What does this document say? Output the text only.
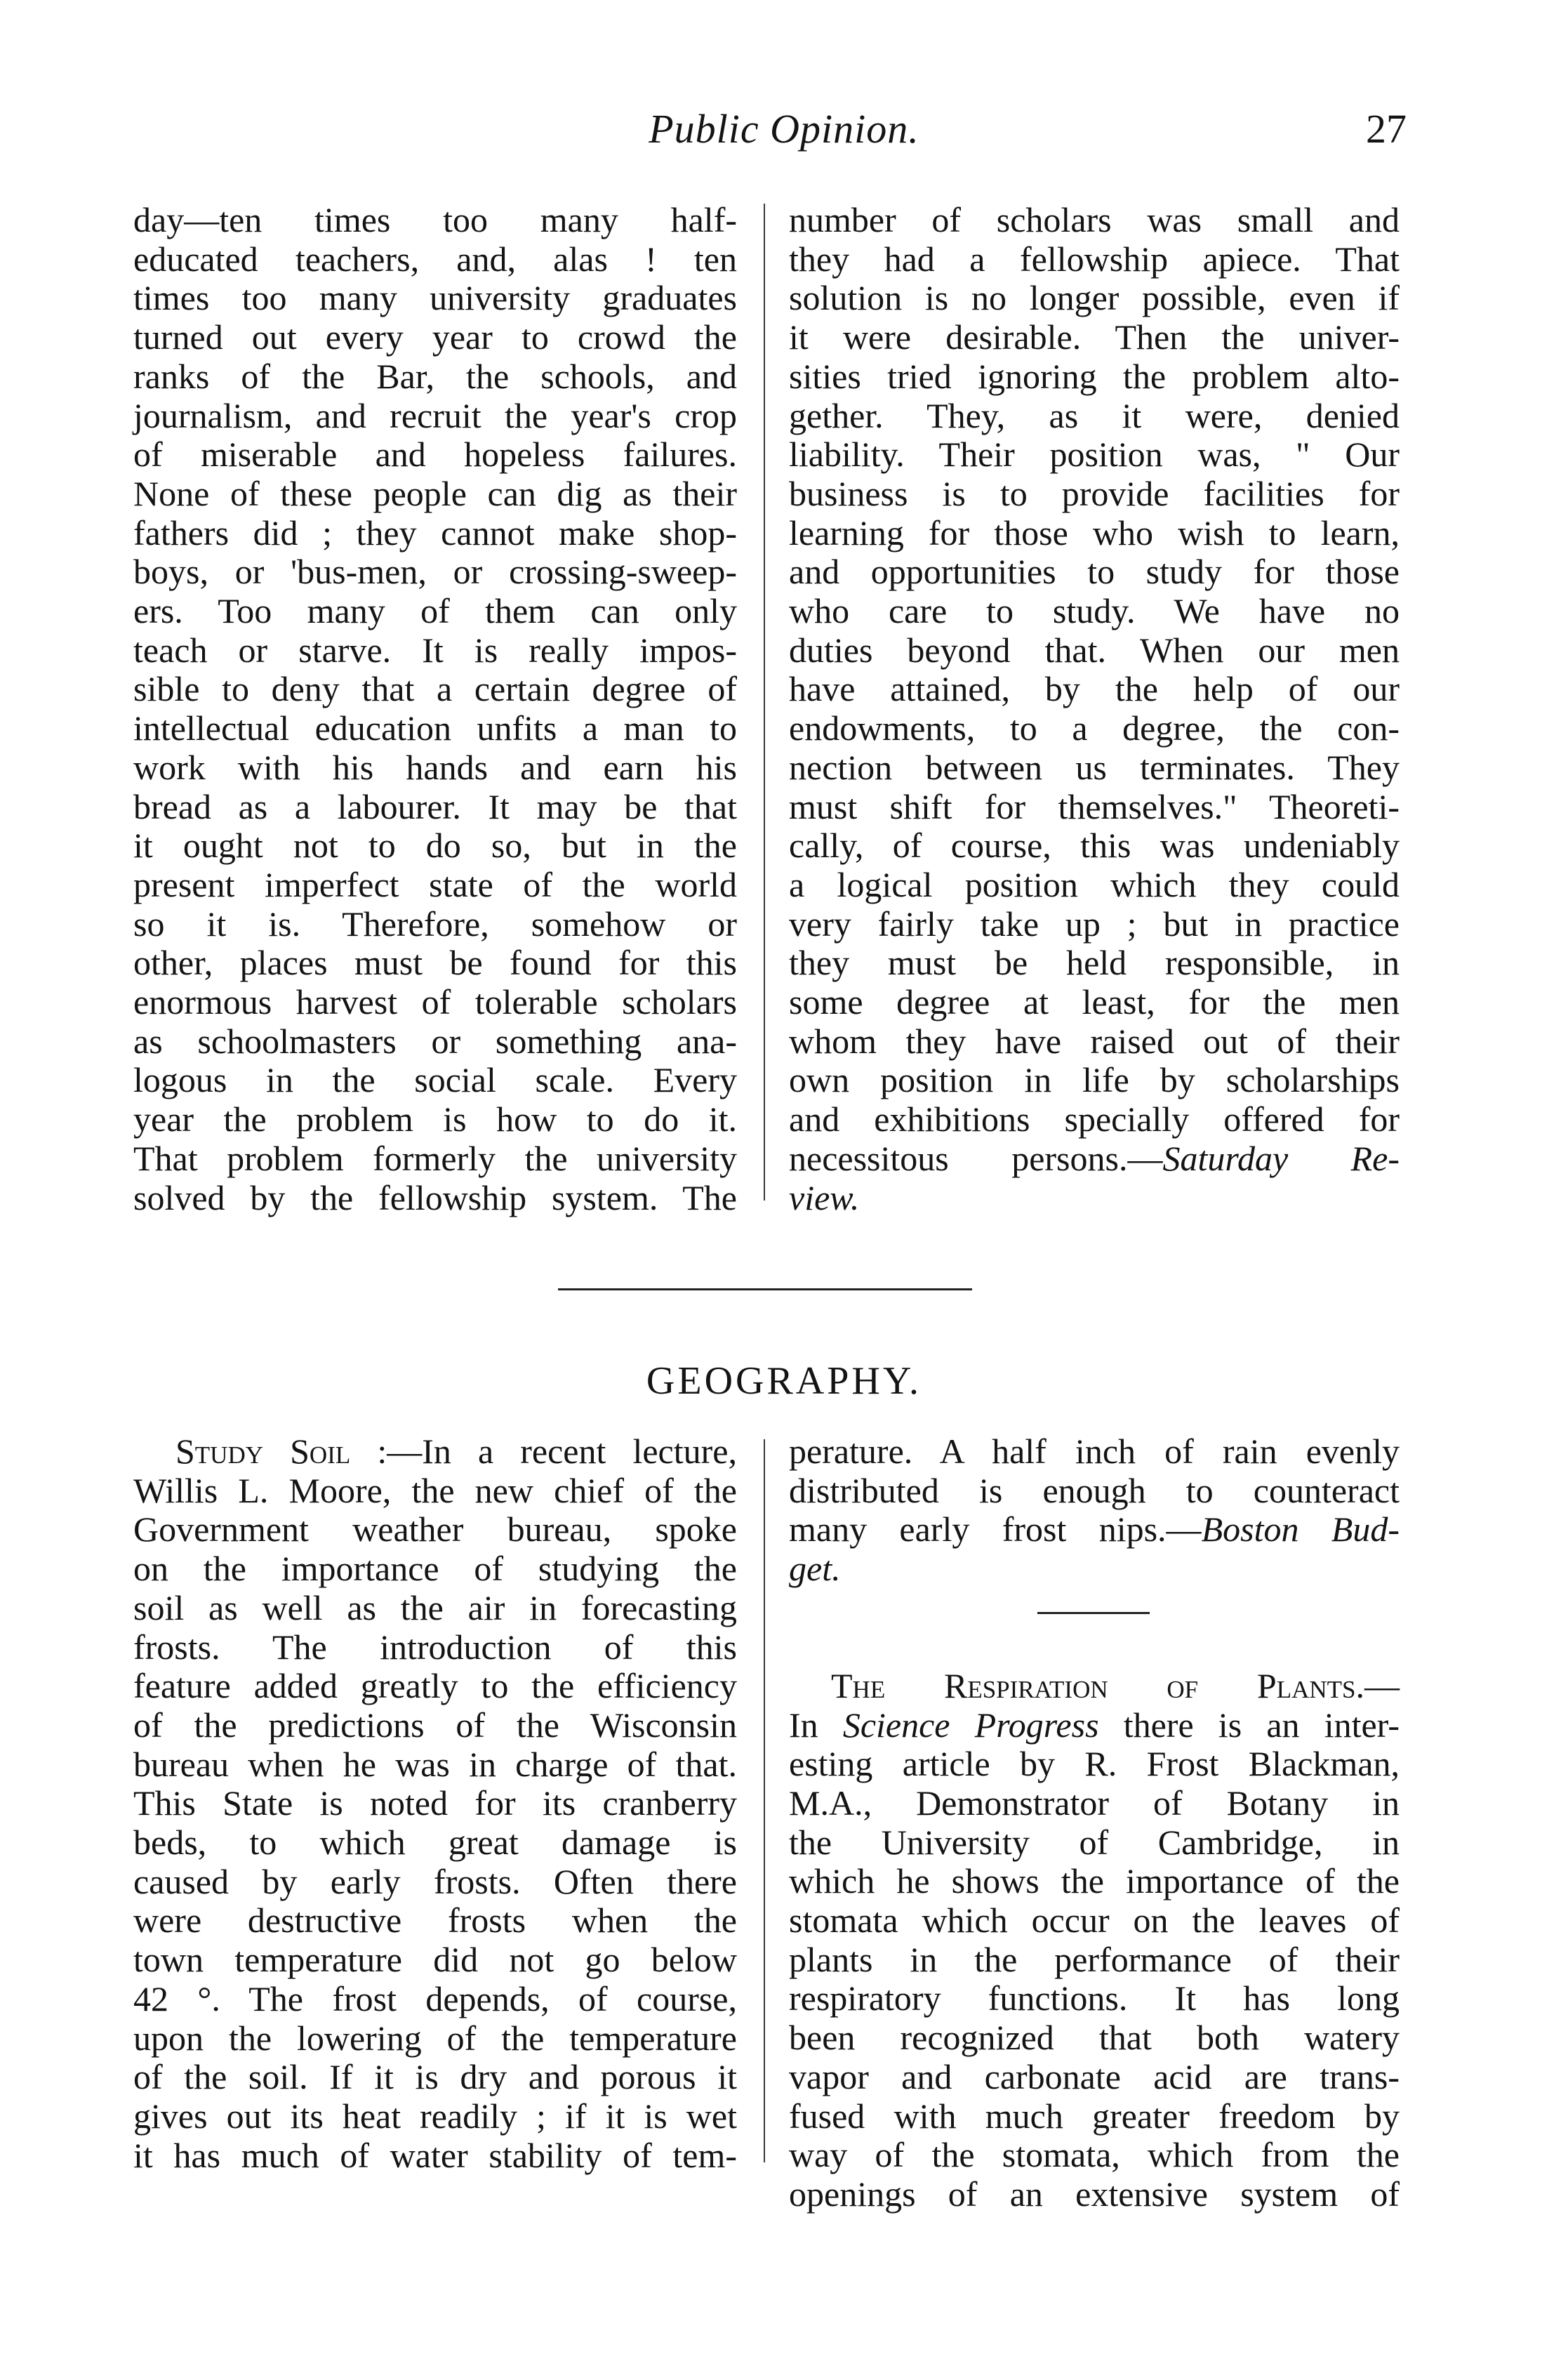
Public Opinion.	27

day—ten times too many half-
educated teachers, and, alas ! ten
times too many university graduates
turned out every year to crowd the
ranks of the Bar, the schools, and
journalism, and recruit the year's crop
of miserable and hopeless failures.
None of these people can dig as their
fathers did ; they cannot make shop-
boys, or 'bus-men, or crossing-sweep-
ers. Too many of them can only
teach or starve. It is really impos-
sible to deny that a certain degree of
intellectual education unfits a man to
work with his hands and earn his
bread as a labourer. It may be that
it ought not to do so, but in the
present imperfect state of the world
so it is. Therefore, somehow or
other, places must be found for this
enormous harvest of tolerable scholars
as schoolmasters or something ana-
logous in the social scale. Every
year the problem is how to do it.
That problem formerly the university
solved by the fellowship system. The

number of scholars was small and
they had a fellowship apiece. That
solution is no longer possible, even if
it were desirable. Then the univer-
sities tried ignoring the problem alto-
gether. They, as it were, denied
liability. Their position was, " Our
business is to provide facilities for
learning for those who wish to learn,
and opportunities to study for those
who care to study. We have no
duties beyond that. When our men
have attained, by the help of our
endowments, to a degree, the con-
nection between us terminates. They
must shift for themselves." Theoreti-
cally, of course, this was undeniably
a logical position which they could
very fairly take up ; but in practice
they must be held responsible, in
some degree at least, for the men
whom they have raised out of their
own position in life by scholarships
and exhibitions specially offered for
necessitous persons.—Saturday Re-
view.

GEOGRAPHY.

Study Soil :—In a recent lecture,
Willis L. Moore, the new chief of the
Government weather bureau, spoke
on the importance of studying the
soil as well as the air in forecasting
frosts. The introduction of this
feature added greatly to the efficiency
of the predictions of the Wisconsin
bureau when he was in charge of that.
This State is noted for its cranberry
beds, to which great damage is
caused by early frosts. Often there
were destructive frosts when the
town temperature did not go below
42 °. The frost depends, of course,
upon the lowering of the temperature
of the soil. If it is dry and porous it
gives out its heat readily ; if it is wet
it has much of water stability of tem-

perature. A half inch of rain evenly
distributed is enough to counteract
many early frost nips.—Boston Bud-
get.

The Respiration of Plants.—
In Science Progress there is an inter-
esting article by R. Frost Blackman,
M.A., Demonstrator of Botany in
the University of Cambridge, in
which he shows the importance of the
stomata which occur on the leaves of
plants in the performance of their
respiratory functions. It has long
been recognized that both watery
vapor and carbonate acid are trans-
fused with much greater freedom by
way of the stomata, which from the
openings of an extensive system of
